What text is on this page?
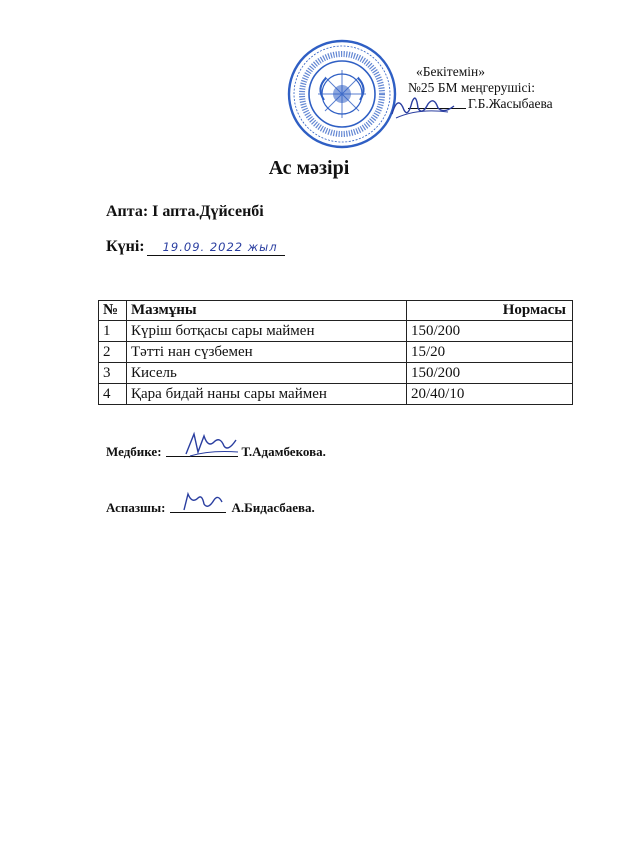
«Бекітемін»
№25 БМ меңгерушісі:
Г.Б.Жасыбаева
Ас мәзірі
Апта: І апта.Дүйсенбі
Күні:	19.09. 2022 жыл
№	Мазмұны	Нормасы
1	Күріш ботқасы сары маймен	150/200
2	Тәтті нан сүзбемен	15/20
3	Кисель	150/200
4	Қара бидай наны сары маймен	20/40/10
Медбике:	Т.Адамбекова.
Аспазшы:	А.Бидасбаева.
